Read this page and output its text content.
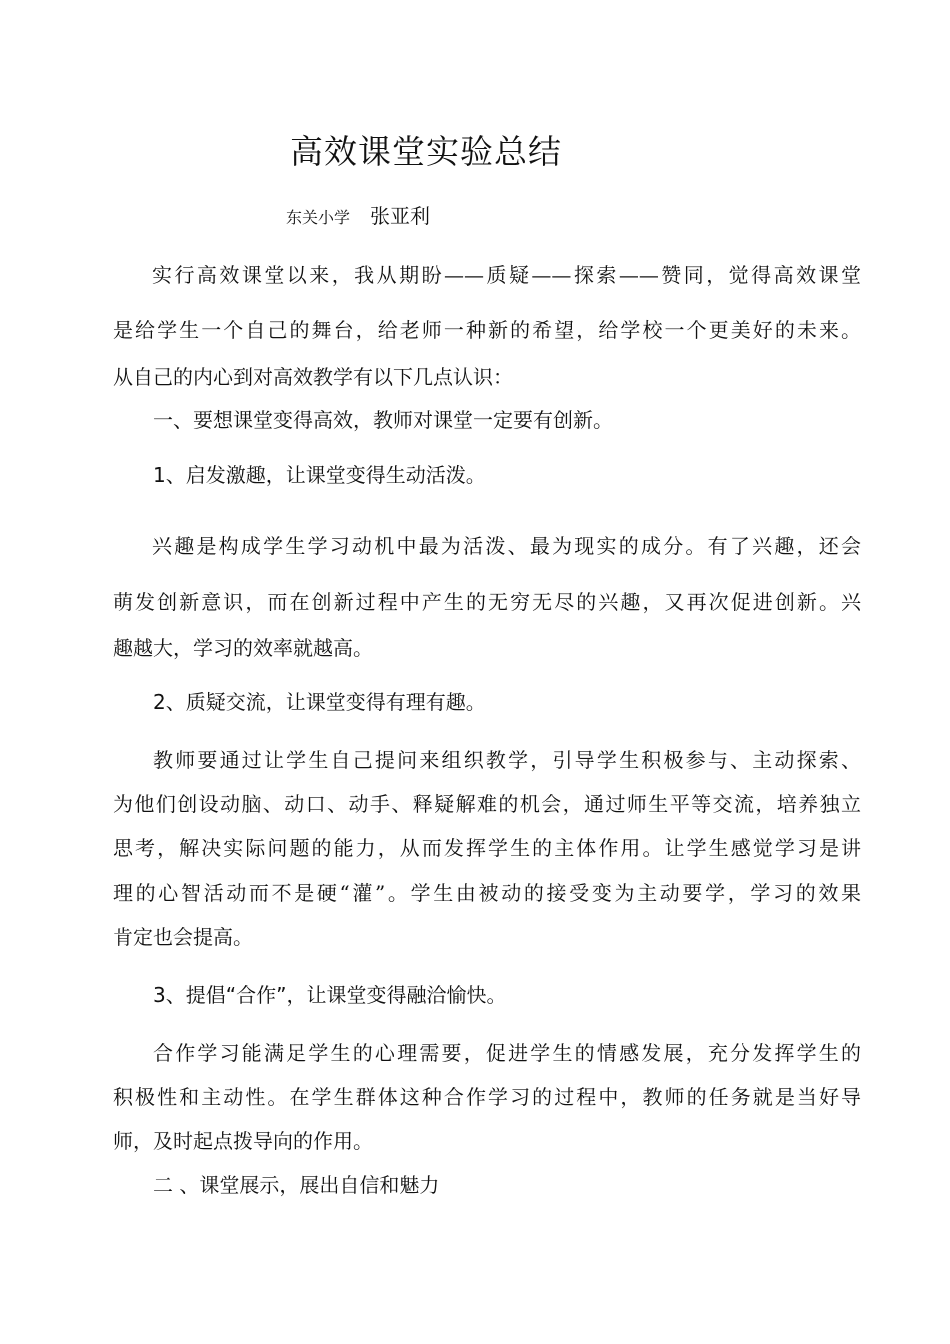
高效课堂实验总结
东关小学 张亚利
实行高效课堂以来，我从期盼——质疑——探索——赞同，觉得高效课堂
是给学生一个自己的舞台，给老师一种新的希望，给学校一个更美好的未来。
从自己的内心到对高效教学有以下几点认识：
一、要想课堂变得高效，教师对课堂一定要有创新。
1、启发激趣，让课堂变得生动活泼。
兴趣是构成学生学习动机中最为活泼、最为现实的成分。有了兴趣，还会
萌发创新意识，而在创新过程中产生的无穷无尽的兴趣，又再次促进创新。兴
趣越大，学习的效率就越高。
2、质疑交流，让课堂变得有理有趣。
教师要通过让学生自己提问来组织教学，引导学生积极参与、主动探索、
为他们创设动脑、动口、动手、释疑解难的机会，通过师生平等交流，培养独立
思考，解决实际问题的能力，从而发挥学生的主体作用。让学生感觉学习是讲
理的心智活动而不是硬“灌”。学生由被动的接受变为主动要学，学习的效果
肯定也会提高。
3、提倡“合作”，让课堂变得融洽愉快。
合作学习能满足学生的心理需要，促进学生的情感发展，充分发挥学生的
积极性和主动性。在学生群体这种合作学习的过程中，教师的任务就是当好导
师，及时起点拨导向的作用。
二 、课堂展示，展出自信和魅力
